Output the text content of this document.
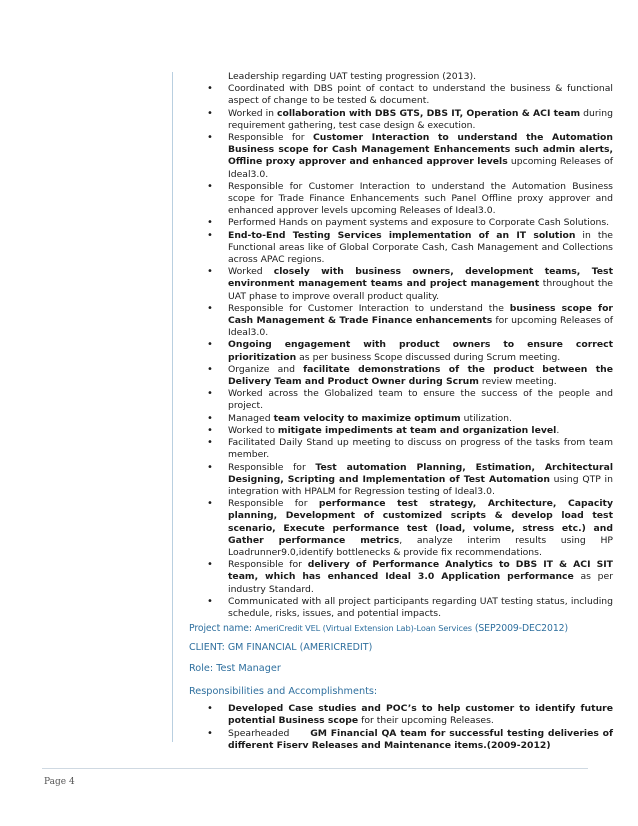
Leadership regarding UAT testing progression (2013).
• Coordinated with DBS point of contact to understand the business & functional aspect of change to be tested & document.
• Worked in collaboration with DBS GTS, DBS IT, Operation & ACI team during requirement gathering, test case design & execution.
• Responsible for Customer Interaction to understand the Automation Business scope for Cash Management Enhancements such admin alerts, Offline proxy approver and enhanced approver levels upcoming Releases of Ideal3.0.
• Responsible for Customer Interaction to understand the Automation Business scope for Trade Finance Enhancements such Panel Offline proxy approver and enhanced approver levels upcoming Releases of Ideal3.0.
• Performed Hands on payment systems and exposure to Corporate Cash Solutions.
• End-to-End Testing Services implementation of an IT solution in the Functional areas like of Global Corporate Cash, Cash Management and Collections across APAC regions.
• Worked closely with business owners, development teams, Test environment management teams and project management throughout the UAT phase to improve overall product quality.
• Responsible for Customer Interaction to understand the business scope for Cash Management & Trade Finance enhancements for upcoming Releases of Ideal3.0.
• Ongoing engagement with product owners to ensure correct prioritization as per business Scope discussed during Scrum meeting.
• Organize and facilitate demonstrations of the product between the Delivery Team and Product Owner during Scrum review meeting.
• Worked across the Globalized team to ensure the success of the people and project.
• Managed team velocity to maximize optimum utilization.
• Worked to mitigate impediments at team and organization level.
• Facilitated Daily Stand up meeting to discuss on progress of the tasks from team member.
• Responsible for Test automation Planning, Estimation, Architectural Designing, Scripting and Implementation of Test Automation using QTP in integration with HPALM for Regression testing of Ideal3.0.
• Responsible for performance test strategy, Architecture, Capacity planning, Development of customized scripts & develop load test scenario, Execute performance test (load, volume, stress etc.) and Gather performance metrics, analyze interim results using HP Loadrunner9.0,identify bottlenecks & provide fix recommendations.
• Responsible for delivery of Performance Analytics to DBS IT & ACI SIT team, which has enhanced Ideal 3.0 Application performance as per industry Standard.
• Communicated with all project participants regarding UAT testing status, including schedule, risks, issues, and potential impacts.
Project name: AmeriCredit VEL (Virtual Extension Lab)-Loan Services (SEP2009-DEC2012)
CLIENT: GM FINANCIAL (AMERICREDIT)
Role: Test Manager
Responsibilities and Accomplishments:
• Developed Case studies and POC’s to help customer to identify future potential Business scope for their upcoming Releases.
• Spearheaded      GM Financial QA team for successful testing deliveries of different Fiserv Releases and Maintenance items.(2009-2012)
Page 4
